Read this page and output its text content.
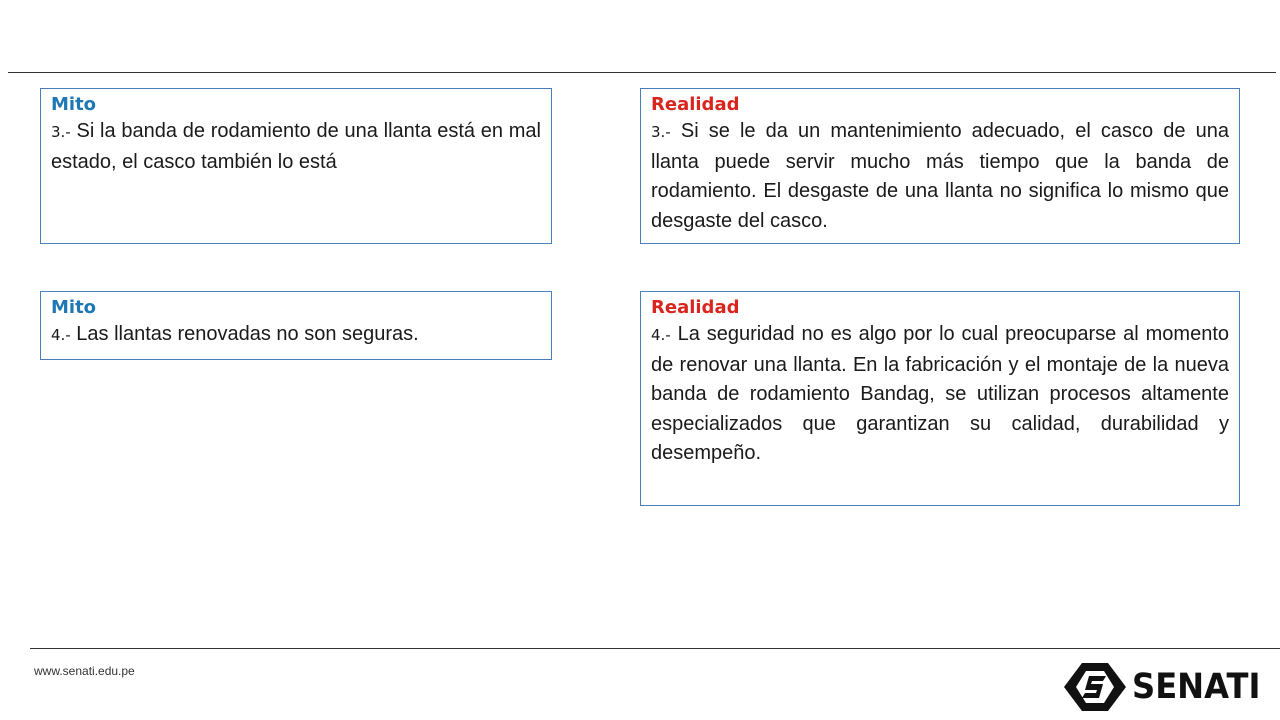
Mito

3.- Si la banda de rodamiento de una llanta está en mal estado, el casco también lo está

Realidad

3.- Si se le da un mantenimiento adecuado, el casco de una llanta puede servir mucho más tiempo que la banda de rodamiento. El desgaste de una llanta no significa lo mismo que desgaste del casco.

Mito

4.- Las llantas renovadas no son seguras.

Realidad

4.- La seguridad no es algo por lo cual preocuparse al momento de renovar una llanta. En la fabricación y el montaje de la nueva banda de rodamiento Bandag, se utilizan procesos altamente especializados que garantizan su calidad, durabilidad y desempeño.

www.senati.edu.pe	SENATI
